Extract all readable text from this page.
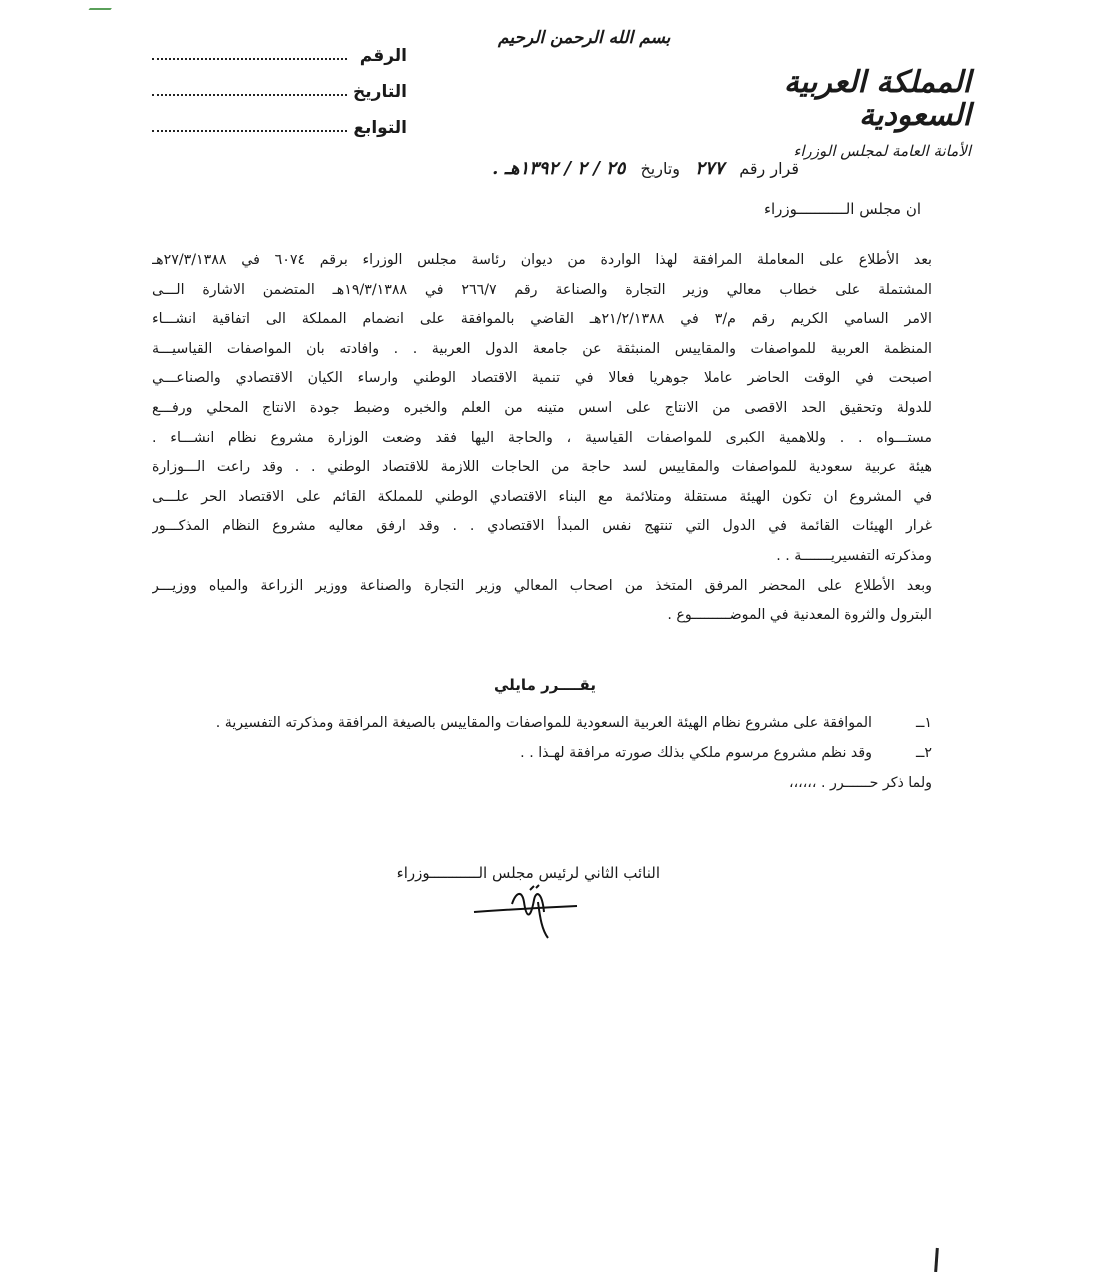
المملكة العربية السعودية
الأمانة العامة لمجلس الوزراء
بسم الله الرحمن الرحيم
الرقم
التاريخ
التوابع
قرار رقم ٢٧٧ وتاريخ ٢٥ / ٢ / ١٣٩٢هـ .
ان مجلس الـــــــــــوزراء
بعد الأطلاع على المعاملة المرافقة لهذا الواردة من ديوان رئاسة مجلس الوزراء برقم ٦٠٧٤ في ٢٧/٣/١٣٨٨هـ
المشتملة على خطاب معالي وزير التجارة والصناعة رقم ٢٦٦/٧ في ١٩/٣/١٣٨٨هـ المتضمن الاشارة الـــى
الامر السامي الكريم رقم م/٣ في ٢١/٢/١٣٨٨هـ القاضي بالموافقة على انضمام المملكة الى اتفاقية انشـــاء
المنظمة العربية للمواصفات والمقاييس المنبثقة عن جامعة الدول العربية . . وافادته بان المواصفات القياسيـــة
اصبحت في الوقت الحاضر عاملا جوهريا فعالا في تنمية الاقتصاد الوطني وارساء الكيان الاقتصادي والصناعـــي
للدولة وتحقيق الحد الاقصى من الانتاج على اسس متينه من العلم والخبره وضبط جودة الانتاج المحلي ورفـــع
مستـــواه . . وللاهمية الكبرى للمواصفات القياسية ، والحاجة اليها فقد وضعت الوزارة مشروع نظام انشـــاء .
هيئة عربية سعودية للمواصفات والمقاييس لسد حاجة من الحاجات اللازمة للاقتصاد الوطني . . وقد راعت الـــوزارة
في المشروع ان تكون الهيئة مستقلة ومتلائمة مع البناء الاقتصادي الوطني للمملكة القائم على الاقتصاد الحر علـــى
غرار الهيئات القائمة في الدول التي تنتهج نفس المبدأ الاقتصادي . . وقد ارفق معاليه مشروع النظام المذكـــور
ومذكرته التفسيريـــــــة . .
وبعد الأطلاع على المحضر المرفق المتخذ من اصحاب المعالي وزير التجارة والصناعة ووزير الزراعة والمياه ووزيـــر
البترول والثروة المعدنية في الموضـــــــــوع .
يقــــرر مايلي
١ــ
الموافقة على مشروع نظام الهيئة العربية السعودية للمواصفات والمقاييس بالصيغة المرافقة ومذكرته التفسيرية .
٢ــ
وقد نظم مشروع مرسوم ملكي بذلك صورته مرافقة لهـذا . .
ولما ذكر حــــــرر . ،،،،،،
النائب الثاني لرئيس مجلس الـــــــــــوزراء
